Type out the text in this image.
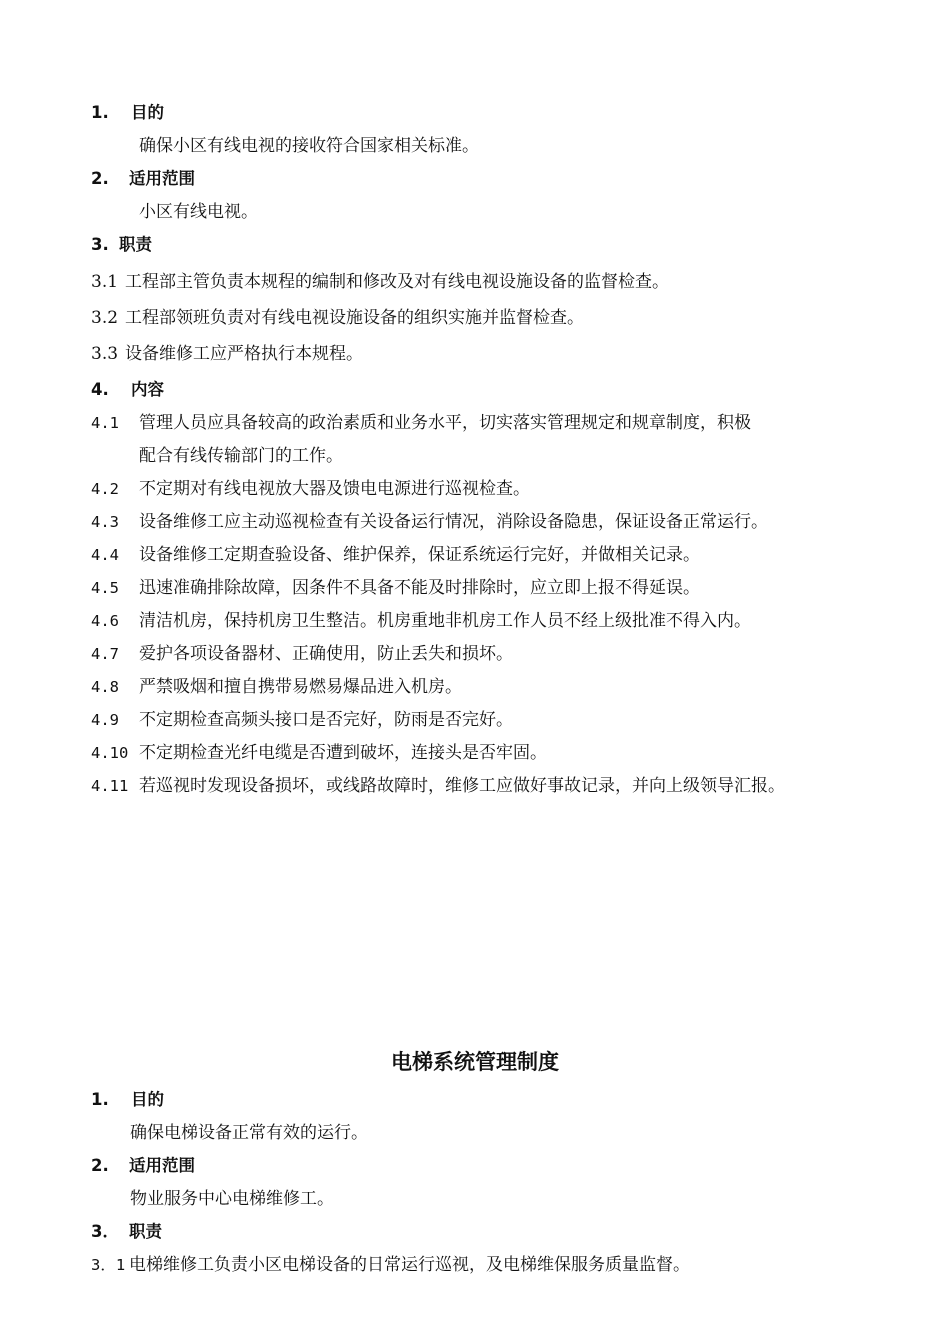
1. 目的
确保小区有线电视的接收符合国家相关标准。
2. 适用范围
小区有线电视。
3. 职责
3.1 工程部主管负责本规程的编制和修改及对有线电视设施设备的监督检查。
3.2 工程部领班负责对有线电视设施设备的组织实施并监督检查。
3.3 设备维修工应严格执行本规程。
4. 内容
4.1 管理人员应具备较高的政治素质和业务水平，切实落实管理规定和规章制度，积极
配合有线传输部门的工作。
4.2 不定期对有线电视放大器及馈电电源进行巡视检查。
4.3 设备维修工应主动巡视检查有关设备运行情况，消除设备隐患，保证设备正常运行。
4.4 设备维修工定期查验设备、维护保养，保证系统运行完好，并做相关记录。
4.5 迅速准确排除故障，因条件不具备不能及时排除时，应立即上报不得延误。
4.6 清洁机房，保持机房卫生整洁。机房重地非机房工作人员不经上级批准不得入内。
4.7 爱护各项设备器材、正确使用，防止丢失和损坏。
4.8 严禁吸烟和擅自携带易燃易爆品进入机房。
4.9 不定期检查高频头接口是否完好，防雨是否完好。
4.10 不定期检查光纤电缆是否遭到破坏，连接头是否牢固。
4.11 若巡视时发现设备损坏，或线路故障时，维修工应做好事故记录，并向上级领导汇报。
电梯系统管理制度
1. 目的
确保电梯设备正常有效的运行。
2. 适用范围
物业服务中心电梯维修工。
3． 职责
3．1 电梯维修工负责小区电梯设备的日常运行巡视，及电梯维保服务质量监督。
